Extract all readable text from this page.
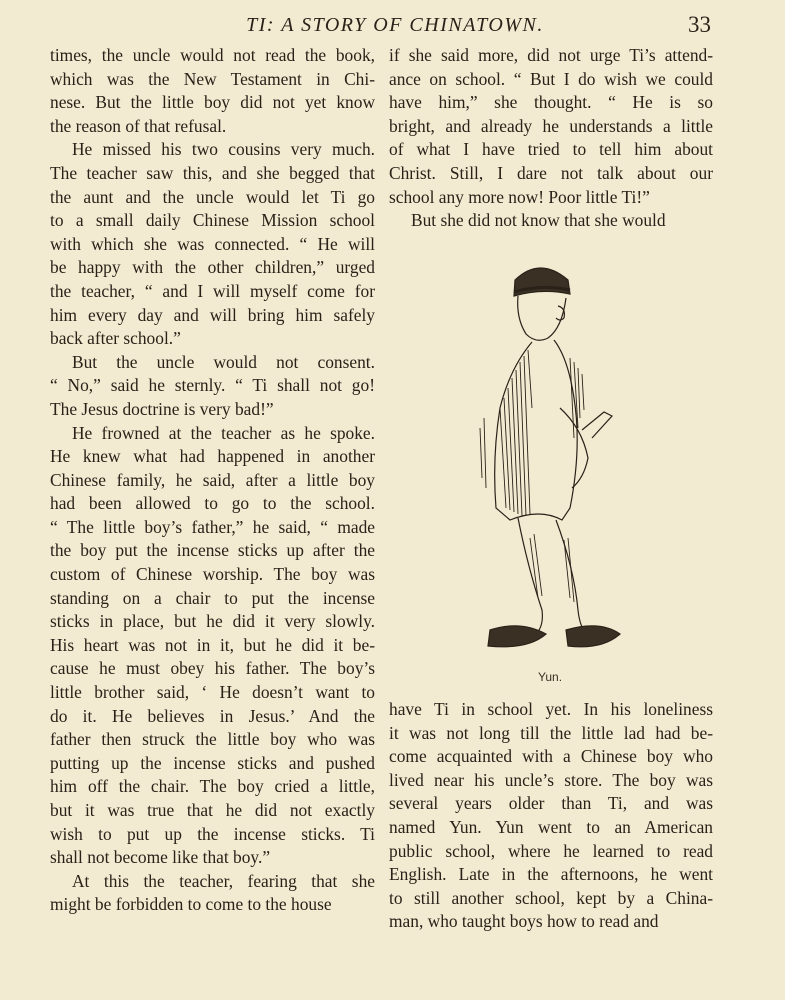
TI: A STORY OF CHINATOWN.	33
times, the uncle would not read the book,
which was the New Testament in Chi-
nese. But the little boy did not yet know
the reason of that refusal.
He missed his two cousins very much.
The teacher saw this, and she begged that
the aunt and the uncle would let Ti go
to a small daily Chinese Mission school
with which she was connected. “ He will
be happy with the other children,” urged
the teacher, “ and I will myself come for
him every day and will bring him safely
back after school.”
But the uncle would not consent.
“ No,” said he sternly. “ Ti shall not go!
The Jesus doctrine is very bad!”
He frowned at the teacher as he spoke.
He knew what had happened in another
Chinese family, he said, after a little boy
had been allowed to go to the school.
“ The little boy’s father,” he said, “ made
the boy put the incense sticks up after the
custom of Chinese worship. The boy was
standing on a chair to put the incense
sticks in place, but he did it very slowly.
His heart was not in it, but he did it be-
cause he must obey his father. The boy’s
little brother said, ‘ He doesn’t want to
do it. He believes in Jesus.’ And the
father then struck the little boy who was
putting up the incense sticks and pushed
him off the chair. The boy cried a little,
but it was true that he did not exactly
wish to put up the incense sticks. Ti
shall not become like that boy.”
At this the teacher, fearing that she
might be forbidden to come to the house
if she said more, did not urge Ti’s attend-
ance on school. “ But I do wish we could
have him,” she thought. “ He is so
bright, and already he understands a little
of what I have tried to tell him about
Christ. Still, I dare not talk about our
school any more now! Poor little Ti!”
But she did not know that she would
Yun.
have Ti in school yet. In his loneliness
it was not long till the little lad had be-
come acquainted with a Chinese boy who
lived near his uncle’s store. The boy was
several years older than Ti, and was
named Yun. Yun went to an American
public school, where he learned to read
English. Late in the afternoons, he went
to still another school, kept by a China-
man, who taught boys how to read and
